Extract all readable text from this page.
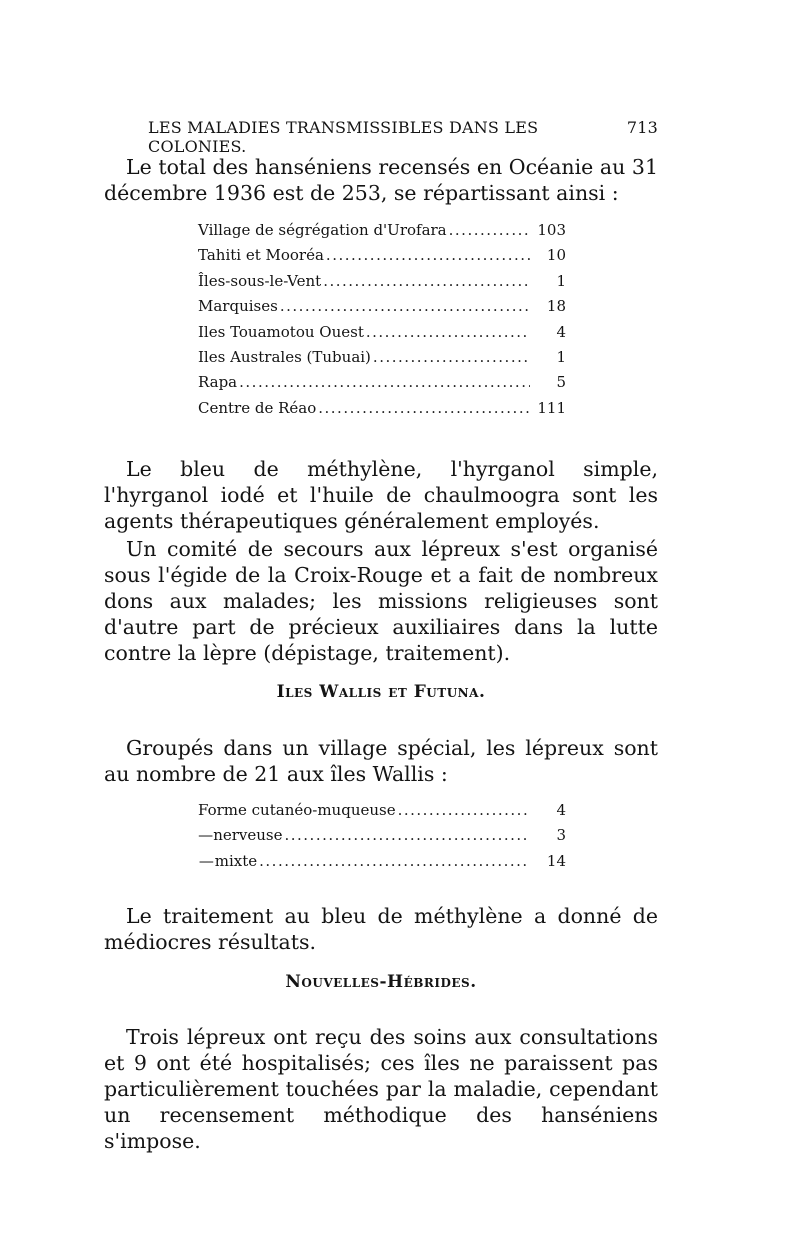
LES MALADIES TRANSMISSIBLES DANS LES COLONIES.
713

Le total des hanséniens recensés en Océanie au 31 décembre 1936 est de 253, se répartissant ainsi :

Village de ségrégation d'Urofara .....	103
Tahiti et Mooréa .....	10
Îles-sous-le-Vent .....	1
Marquises .....	18
Iles Touamotou Ouest .....	4
Iles Australes (Tubuai) .....	1
Rapa .....	5
Centre de Réao .....	111

Le bleu de méthylène, l'hyrganol simple, l'hyrganol iodé et l'huile de chaulmoogra sont les agents thérapeutiques généralement employés.

Un comité de secours aux lépreux s'est organisé sous l'égide de la Croix-Rouge et a fait de nombreux dons aux malades; les missions religieuses sont d'autre part de précieux auxiliaires dans la lutte contre la lèpre (dépistage, traitement).

Iles Wallis et Futuna.

Groupés dans un village spécial, les lépreux sont au nombre de 21 aux îles Wallis :

Forme cutanéo-muqueuse .....	4
— nerveuse .....	3
— mixte .....	14

Le traitement au bleu de méthylène a donné de médiocres résultats.

Nouvelles-Hébrides.

Trois lépreux ont reçu des soins aux consultations et 9 ont été hospitalisés; ces îles ne paraissent pas particulièrement touchées par la maladie, cependant un recensement méthodique des hanséniens s'impose.
